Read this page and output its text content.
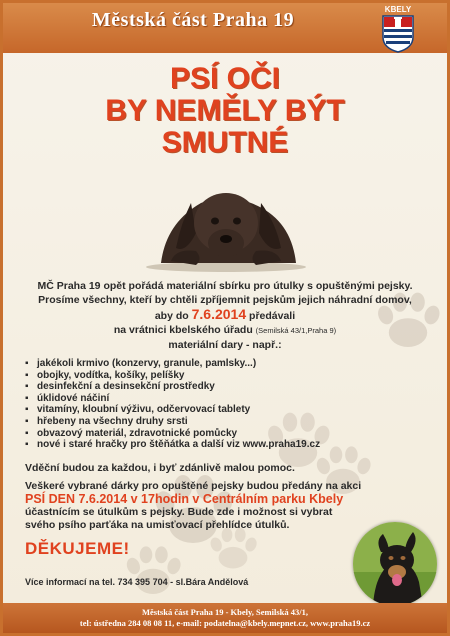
Městská část Praha 19	KBELY
PSÍ OČI
BY NEMĚLY BÝT
SMUTNÉ
MČ Praha 19 opět pořádá materiální sbírku pro útulky s opuštěnými pejsky.
Prosíme všechny, kteří by chtěli zpříjemnit pejskům jejich náhradní domov,
aby do 7.6.2014 předávali
na vrátnici kbelského úřadu (Semilská 43/1,Praha 9)
materiální dary - např.:
▪ jakékoli krmivo (konzervy, granule, pamlsky...)
▪ obojky, vodítka, košíky, pelíšky
▪ desinfekční a desinsekční prostředky
▪ úklidové náčiní
▪ vitamíny, kloubní výživu, odčervovací tablety
▪ hřebeny na všechny druhy srsti
▪ obvazový materiál, zdravotnické pomůcky
▪ nové i staré hračky pro štěňátka a další viz www.praha19.cz
Vděční budou za každou, i byť zdánlivě malou pomoc.
Veškeré vybrané dárky pro opuštěné pejsky budou předány na akci
PSÍ DEN 7.6.2014 v 17hodin v Centrálním parku Kbely
účastnícím se útulkům s pejsky. Bude zde i možnost si vybrat
svého psího parťáka na umisťovací přehlídce útulků.
DĚKUJEME!
Více informací na tel. 734 395 704 - sl.Bára Andělová
Městská část Praha 19 - Kbely, Semilská 43/1,
tel: ústředna 284 08 08 11, e-mail: podatelna@kbely.mepnet.cz, www.praha19.cz
